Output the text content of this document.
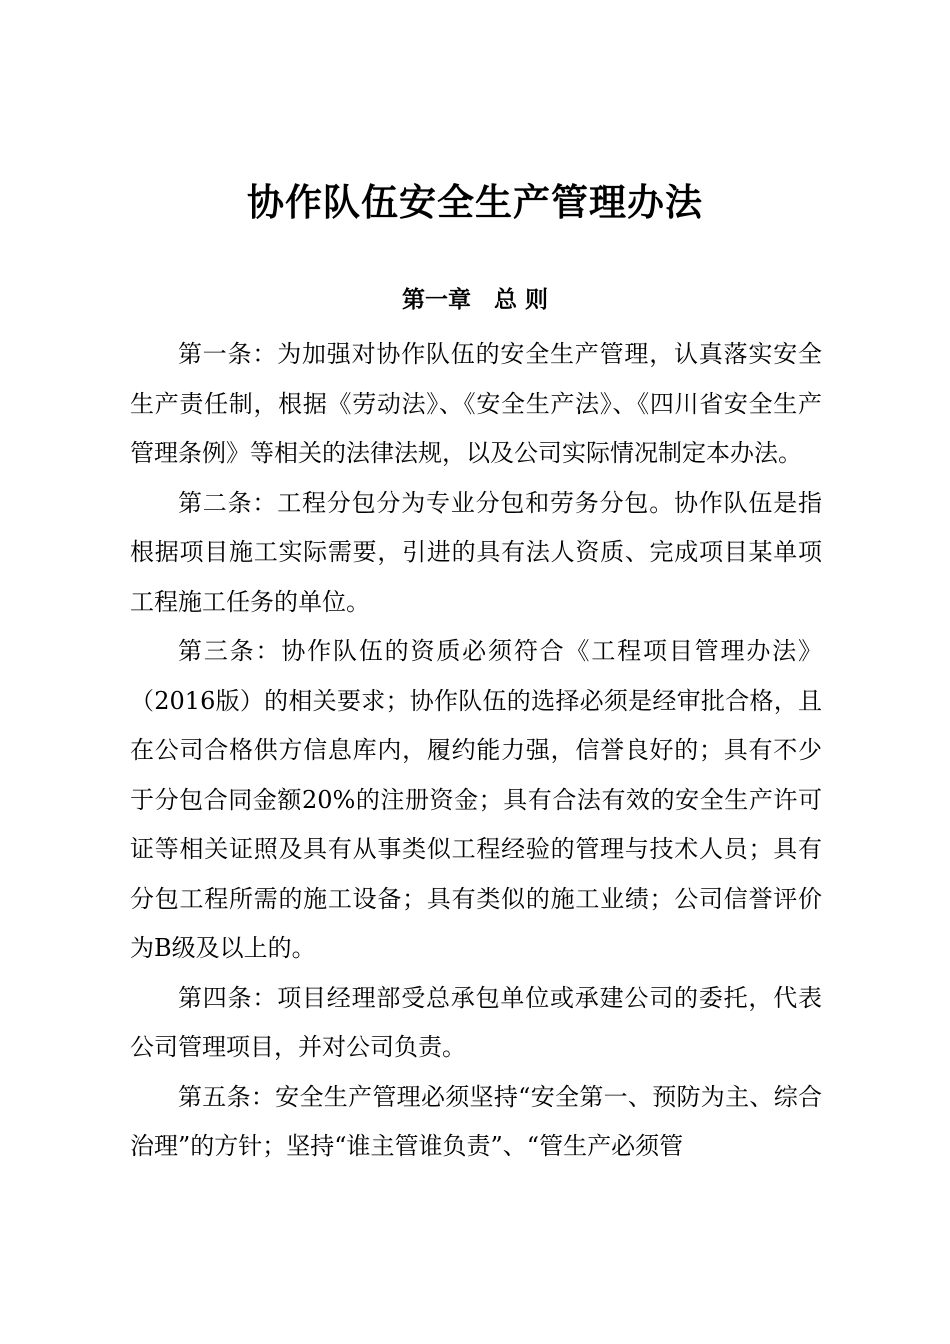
协作队伍安全生产管理办法
第一章　总 则

第一条：为加强对协作队伍的安全生产管理，认真落实安全生产责任制，根据《劳动法》、《安全生产法》、《四川省安全生产管理条例》等相关的法律法规，以及公司实际情况制定本办法。

第二条：工程分包分为专业分包和劳务分包。协作队伍是指根据项目施工实际需要，引进的具有法人资质、完成项目某单项工程施工任务的单位。

第三条：协作队伍的资质必须符合《工程项目管理办法》（2016版）的相关要求；协作队伍的选择必须是经审批合格，且在公司合格供方信息库内，履约能力强，信誉良好的；具有不少于分包合同金额20%的注册资金；具有合法有效的安全生产许可证等相关证照及具有从事类似工程经验的管理与技术人员；具有分包工程所需的施工设备；具有类似的施工业绩；公司信誉评价为B级及以上的。

第四条：项目经理部受总承包单位或承建公司的委托，代表公司管理项目，并对公司负责。

第五条：安全生产管理必须坚持“安全第一、预防为主、综合治理”的方针；坚持“谁主管谁负责”、“管生产必须管
